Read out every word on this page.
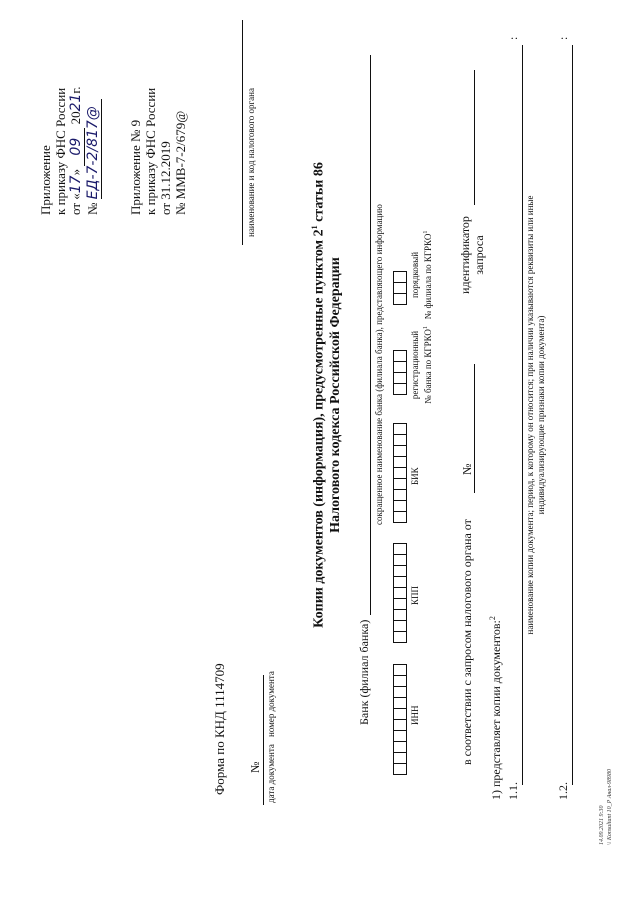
Приложение к приказу ФНС России от «17» 09 2021г.
№ ЕД-7-2/817@ Приложение № 9 к приказу ФНС России от 31.12.2019 № ММВ-7-2/679@	наименование и код налогового органа
Форма по КНД 1114709 № дата документа
номер документа
Копии документов (информация), предусмотренные пунктом $2^1$ статьи 86
Налогового кодекса Российской Федерации
Банк (филиал банка)
сокращенное наименование банка (филиала банка), представляющего информацию
ИНН
КПП
БИК
регистрационный № банка по КГРКО$^1$
порядковый № филиала по КГРКО$^1$
в соответствии с запросом налогового органа от
№
идентификатор запроса
1) представляет копии документов:$^2$
1.1.
:
наименование копии документа; период, к которому он относится; при наличии указываются реквизиты или иные индивидуализирующие признаки копии документа)
1.2.
:
14.09.2021 9:30 \\ Konsultant 10_P Анал-98980
